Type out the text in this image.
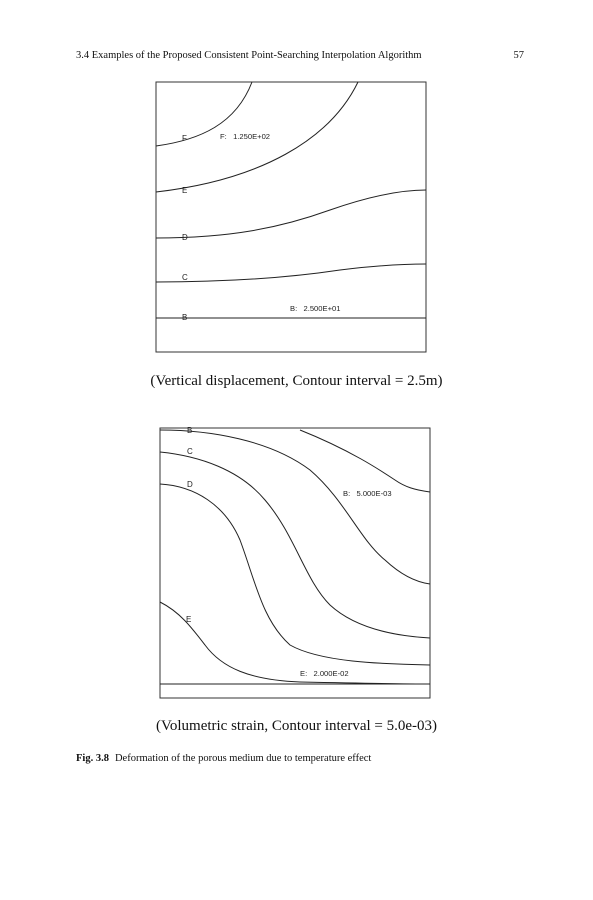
3.4 Examples of the Proposed Consistent Point-Searching Interpolation Algorithm	57
F
E
D
C
B
F:   1.250E+02
B:   2.500E+01
(Vertical displacement, Contour interval = 2.5m)
B
C
D
E
B:   5.000E-03
E:   2.000E-02
(Volumetric strain, Contour interval = 5.0e-03)
Fig. 3.8 Deformation of the porous medium due to temperature effect
